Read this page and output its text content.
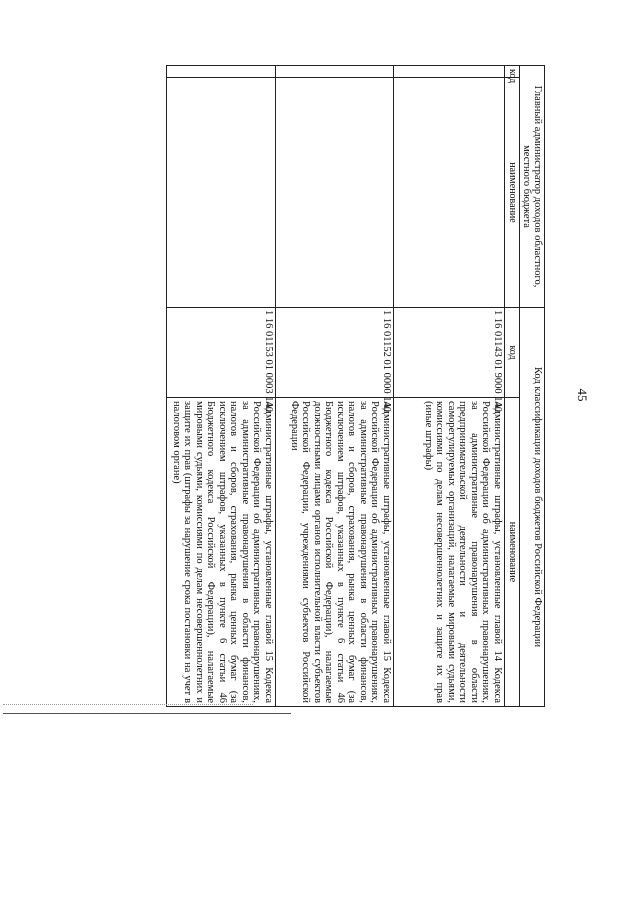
45
Главный администратор доходов областного, местного бюджета		Код классификации доходов бюджетов Российской Федерации	
код	наименование	код	наименование
		1 16 01143 01 9000 140	Административные штрафы, установленные главой 14 Кодекса Российской Федерации об административных правонарушениях, за административные правонарушения в области предпринимательской деятельности и деятельности саморегулируемых организаций, налагаемые мировыми судьями, комиссиями по делам несовершеннолетних и защите их прав (иные штрафы)
		1 16 01152 01 0000 140	Административные штрафы, установленные главой 15 Кодекса Российской Федерации об административных правонарушениях, за административные правонарушения в области финансов, налогов и сборов, страхования, рынка ценных бумаг (за исключением штрафов, указанных в пункте 6 статьи 46 Бюджетного кодекса Российской Федерации), налагаемые должностными лицами органов исполнительной власти субъектов Российской Федерации, учреждениями субъектов Российской Федерации
		1 16 01153 01 0003 140	Административные штрафы, установленные главой 15 Кодекса Российской Федерации об административных правонарушениях, за административные правонарушения в области финансов, налогов и сборов, страхования, рынка ценных бумаг (за исключением штрафов, указанных в пункте 6 статьи 46 Бюджетного кодекса Российской Федерации), налагаемые мировыми судьями, комиссиями по делам несовершеннолетних и защите их прав (штрафы за нарушение срока постановки на учет в налоговом органе)
